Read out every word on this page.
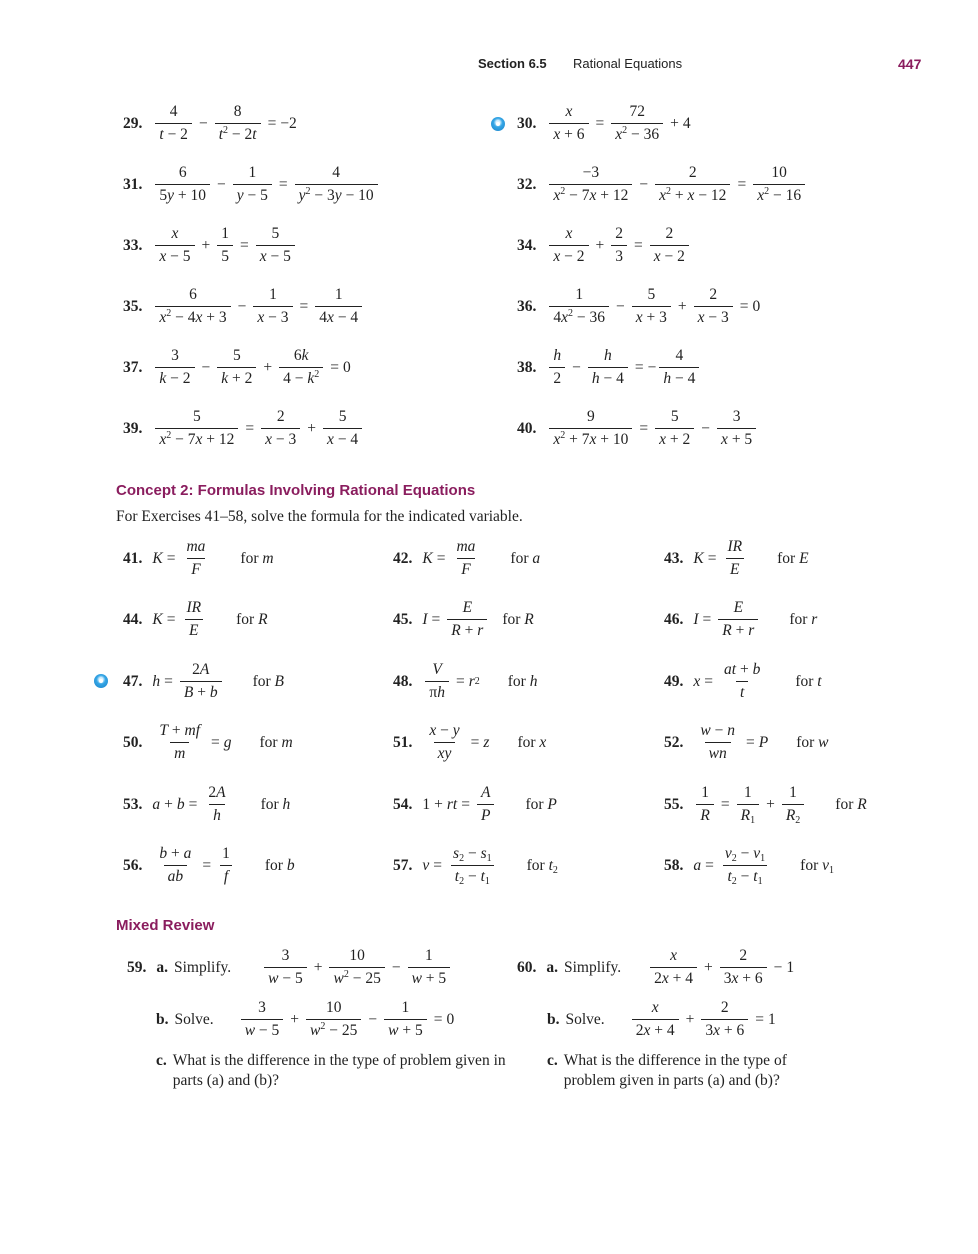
Section 6.5 Rational Equations	447
29. $\frac{4}{t - 2} - \frac{8}{t^2 - 2t} = -2$	30. $\frac{x}{x + 6} = \frac{72}{x^2 - 36} + 4$
31. $\frac{6}{5y + 10} - \frac{1}{y - 5} = \frac{4}{y^2 - 3y - 10}$	32. $\frac{-3}{x^2 - 7x + 12} - \frac{2}{x^2 + x - 12} = \frac{10}{x^2 - 16}$
33. $\frac{x}{x - 5} + \frac{1}{5} = \frac{5}{x - 5}$	34. $\frac{x}{x - 2} + \frac{2}{3} = \frac{2}{x - 2}$
35. $\frac{6}{x^2 - 4x + 3} - \frac{1}{x - 3} = \frac{1}{4x - 4}$	36. $\frac{1}{4x^2 - 36} - \frac{5}{x + 3} + \frac{2}{x - 3} = 0$
37. $\frac{3}{k - 2} - \frac{5}{k + 2} + \frac{6k}{4 - k^2} = 0$	38. $\frac{h}{2} - \frac{h}{h - 4}$ = − $\frac{4}{h - 4}$
39. $\frac{5}{x^2 - 7x + 12} = \frac{2}{x - 3} + \frac{5}{x - 4}$	40. $\frac{9}{x^2 + 7x + 10} = \frac{5}{x + 2} - \frac{3}{x + 5}$
Concept 2: Formulas Involving Rational Equations
For Exercises 41–58, solve the formula for the indicated variable.
41. $K = \frac{ma}{F}$ for m	42. $K = \frac{ma}{F}$ for a	43. $K = \frac{IR}{E}$ for E
44. $K = \frac{IR}{E}$ for R	45. $I = \frac{E}{R + r}$ for R	46. $I = \frac{E}{R + r}$ for r
47. $h = \frac{2A}{B + b}$ for B	48. $\frac{V}{\pi h} = r$ 2 for h	49. $x = \frac{at + b}{t}$ for t
50. $\frac{T + mf}{m} = g$ for m	51. $\frac{x - y}{xy} = z$ for x	52. $\frac{w - n}{wn} = P$ for w
53. $a + b = \frac{2A}{h}$ for h	54. 1 + rt = $\frac{A}{P}$ for P	55. $\frac{1}{R} = \frac{1}{R_1} + \frac{1}{R_2}$ for R
56. $\frac{b + a}{ab} = \frac{1}{f}$ for b	57. $v = \frac{s_2 - s_1}{t_2 - t_1}$ for $t_2$	58. $a = \frac{v_2 - v_1}{t_2 - t_1}$ for $v_1$
Mixed Review
59. a. Simplify. $\frac{3}{w - 5} + \frac{10}{w^2 - 25} - \frac{1}{w + 5}$
b. Solve. $\frac{3}{w - 5} + \frac{10}{w^2 - 25} - \frac{1}{w + 5} = 0$
c. What is the difference in the type of problem given in parts (a) and (b)?
60. a. Simplify. $\frac{x}{2x + 4} + \frac{2}{3x + 6} - 1$
b. Solve. $\frac{x}{2x + 4} + \frac{2}{3x + 6} = 1$
c. What is the difference in the type of problem given in parts (a) and (b)?
